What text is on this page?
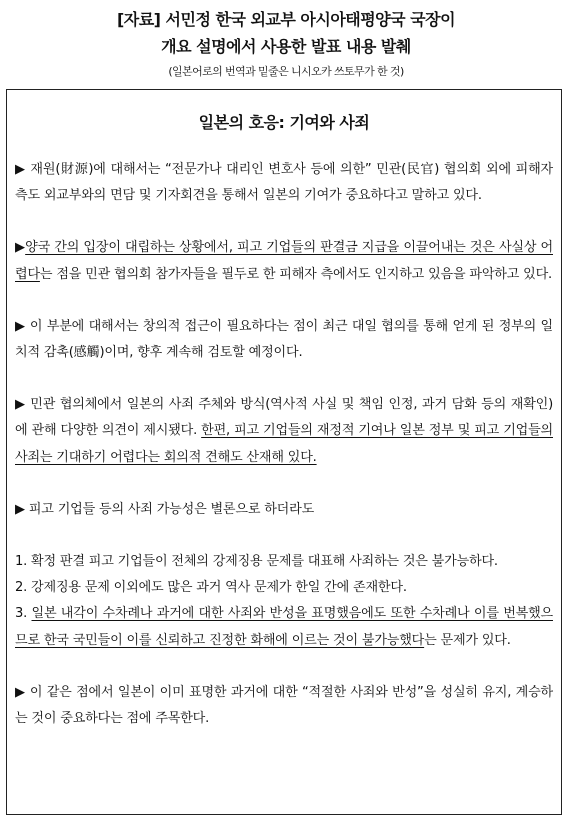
[자료] 서민정 한국 외교부 아시아태평양국 국장이
개요 설명에서 사용한 발표 내용 발췌
(일본어로의 번역과 밑줄은 니시오카 쓰토무가 한 것)
일본의 호응: 기여와 사죄

▶ 재원(財源)에 대해서는 “전문가나 대리인 변호사 등에 의한” 민관(民官) 협의회 외에 피해자 측도 외교부와의 면담 및 기자회견을 통해서 일본의 기여가 중요하다고 말하고 있다.

▶양국 간의 입장이 대립하는 상황에서, 피고 기업들의 판결금 지급을 이끌어내는 것은 사실상 어렵다는 점을 민관 협의회 참가자들을 필두로 한 피해자 측에서도 인지하고 있음을 파악하고 있다.

▶ 이 부분에 대해서는 창의적 접근이 필요하다는 점이 최근 대일 협의를 통해 얻게 된 정부의 일치적 감촉(感觸)이며, 향후 계속해 검토할 예정이다.

▶ 민관 협의체에서 일본의 사죄 주체와 방식(역사적 사실 및 책임 인정, 과거 담화 등의 재확인)에 관해 다양한 의견이 제시됐다. 한편, 피고 기업들의 재정적 기여나 일본 정부 및 피고 기업들의 사죄는 기대하기 어렵다는 회의적 견해도 산재해 있다.

▶ 피고 기업들 등의 사죄 가능성은 별론으로 하더라도

1. 확정 판결 피고 기업들이 전체의 강제징용 문제를 대표해 사죄하는 것은 불가능하다.

2. 강제징용 문제 이외에도 많은 과거 역사 문제가 한일 간에 존재한다.

3. 일본 내각이 수차례나 과거에 대한 사죄와 반성을 표명했음에도 또한 수차례나 이를 번복했으므로 한국 국민들이 이를 신뢰하고 진정한 화해에 이르는 것이 불가능했다는 문제가 있다.

▶ 이 같은 점에서 일본이 이미 표명한 과거에 대한 “적절한 사죄와 반성”을 성실히 유지, 계승하는 것이 중요하다는 점에 주목한다.
